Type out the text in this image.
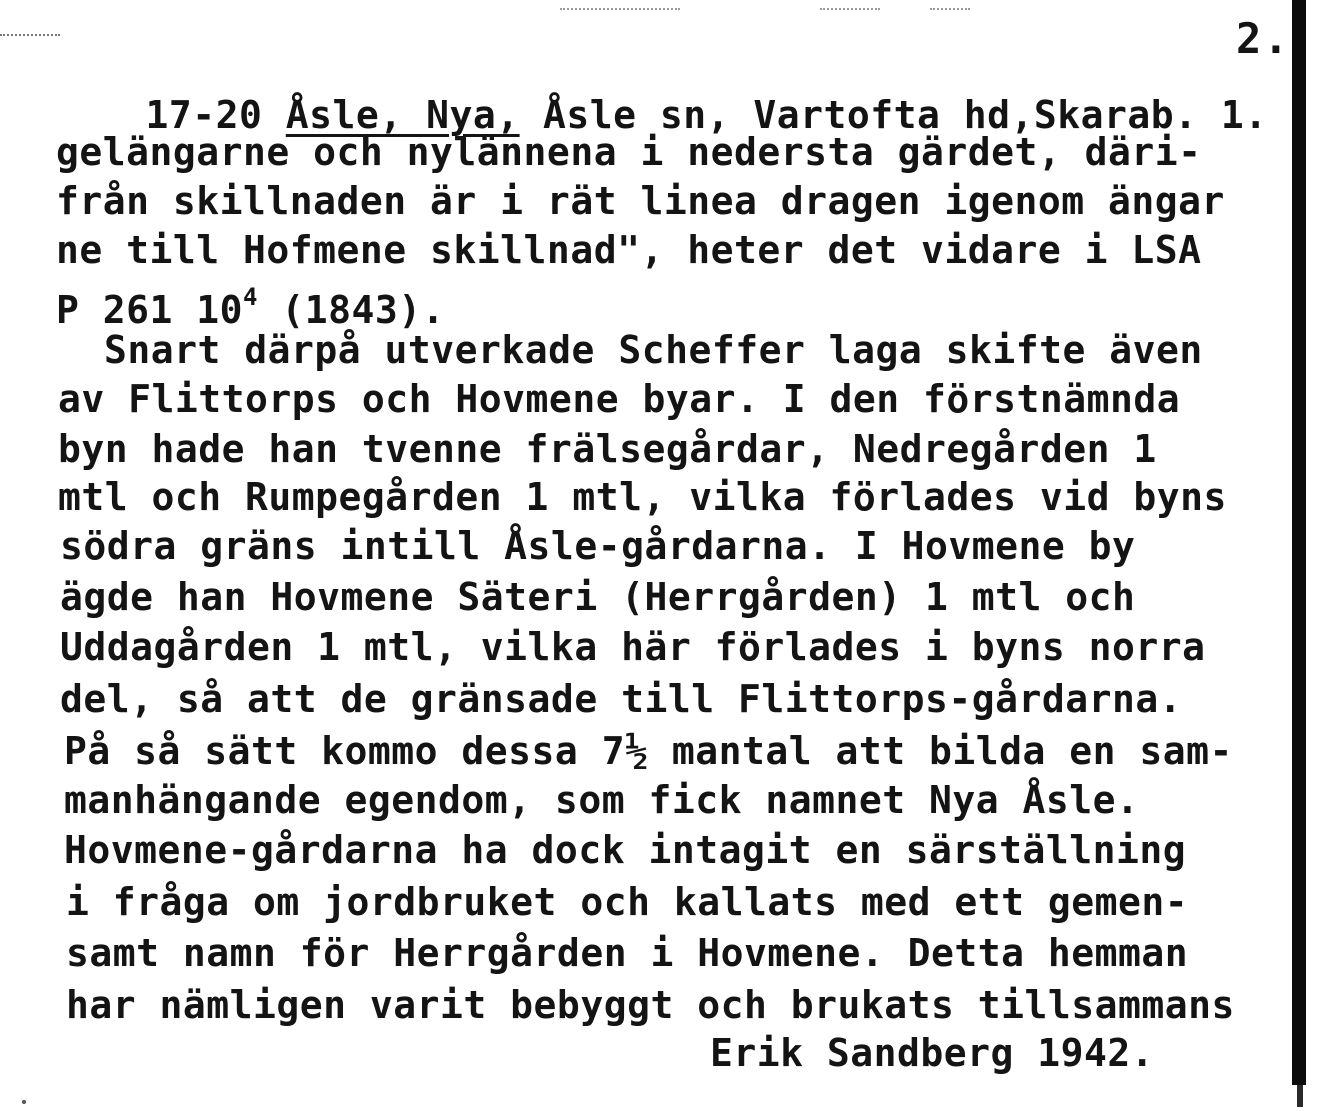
2.

17-20 Åsle, Nya, Åsle sn, Vartofta hd,Skarab. 1.

gelängarne och nylännena i nedersta gärdet, däri-
från skillnaden är i rät linea dragen igenom ängar
ne till Hofmene skillnad", heter det vidare i LSA
P 261 $10^4$ (1843).
Snart därpå utverkade Scheffer laga skifte även
av Flittorps och Hovmene byar. I den förstnämnda
byn hade han tvenne frälsegårdar, Nedregården 1
mtl och Rumpegården 1 mtl, vilka förlades vid byns
södra gräns intill Åsle-gårdarna. I Hovmene by
ägde han Hovmene Säteri (Herrgården) 1 mtl och
Uddagården 1 mtl, vilka här förlades i byns norra
del, så att de gränsade till Flittorps-gårdarna.
På så sätt kommo dessa 7½ mantal att bilda en sam-
manhängande egendom, som fick namnet Nya Åsle.
Hovmene-gårdarna ha dock intagit en särställning
i fråga om jordbruket och kallats med ett gemen-
samt namn för Herrgården i Hovmene. Detta hemman
har nämligen varit bebyggt och brukats tillsammans
Erik Sandberg 1942.
